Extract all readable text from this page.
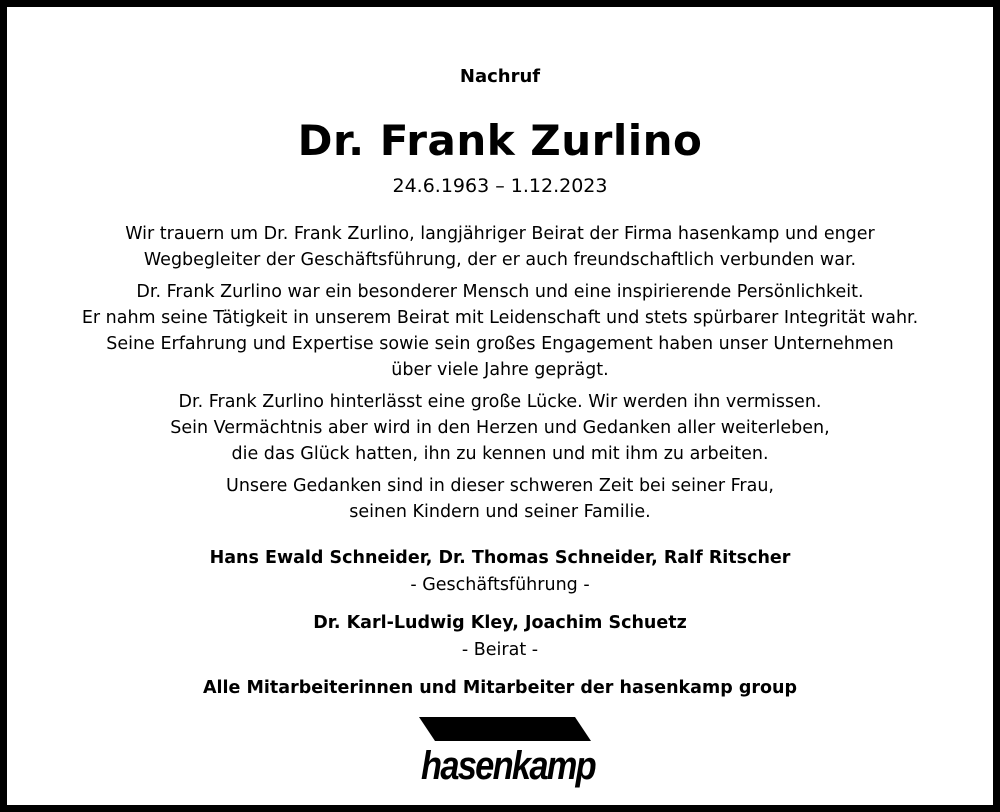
Nachruf
Dr. Frank Zurlino
24.6.1963 – 1.12.2023
Wir trauern um Dr. Frank Zurlino, langjähriger Beirat der Firma hasenkamp und enger
Wegbegleiter der Geschäftsführung, der er auch freundschaftlich verbunden war.
Dr. Frank Zurlino war ein besonderer Mensch und eine inspirierende Persönlichkeit.
Er nahm seine Tätigkeit in unserem Beirat mit Leidenschaft und stets spürbarer Integrität wahr.
Seine Erfahrung und Expertise sowie sein großes Engagement haben unser Unternehmen
über viele Jahre geprägt.
Dr. Frank Zurlino hinterlässt eine große Lücke. Wir werden ihn vermissen.
Sein Vermächtnis aber wird in den Herzen und Gedanken aller weiterleben,
die das Glück hatten, ihn zu kennen und mit ihm zu arbeiten.
Unsere Gedanken sind in dieser schweren Zeit bei seiner Frau,
seinen Kindern und seiner Familie.
Hans Ewald Schneider, Dr. Thomas Schneider, Ralf Ritscher
- Geschäftsführung -
Dr. Karl-Ludwig Kley, Joachim Schuetz
- Beirat -
Alle Mitarbeiterinnen und Mitarbeiter der hasenkamp group
hasenkamp
